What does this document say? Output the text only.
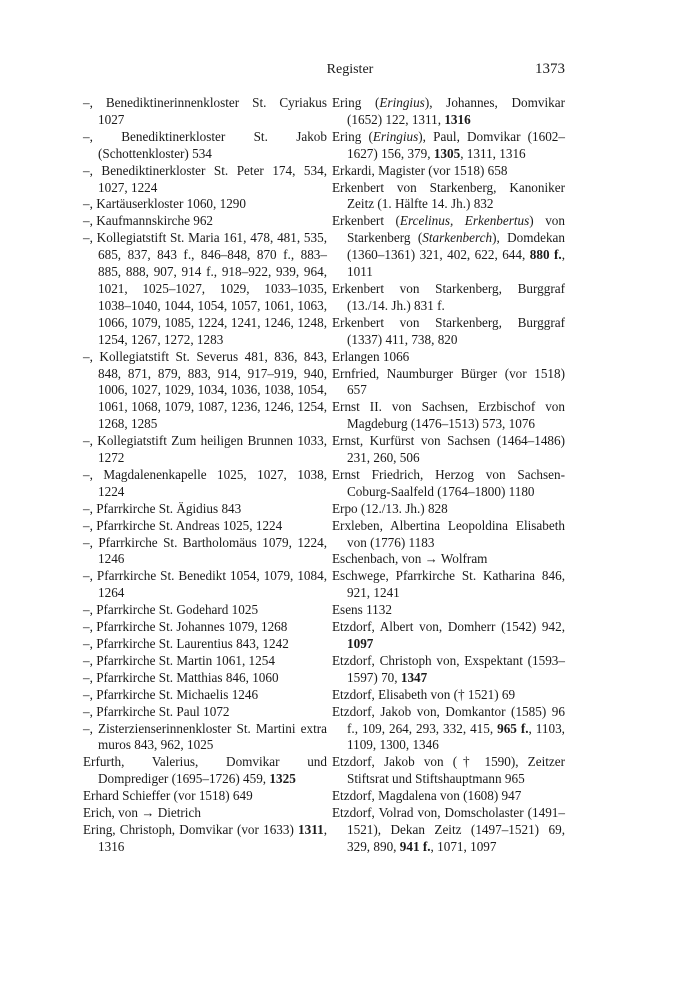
Register	1373

–, Benediktinerinnenkloster St. Cyriakus 1027

–, Benediktinerkloster St. Jakob (Schottenkloster) 534

–, Benediktinerkloster St. Peter 174, 534, 1027, 1224

–, Kartäuserkloster 1060, 1290

–, Kaufmannskirche 962

–, Kollegiatstift St. Maria 161, 478, 481, 535, 685, 837, 843 f., 846–848, 870 f., 883–885, 888, 907, 914 f., 918–922, 939, 964, 1021, 1025–1027, 1029, 1033–1035, 1038–1040, 1044, 1054, 1057, 1061, 1063, 1066, 1079, 1085, 1224, 1241, 1246, 1248, 1254, 1267, 1272, 1283

–, Kollegiatstift St. Severus 481, 836, 843, 848, 871, 879, 883, 914, 917–919, 940, 1006, 1027, 1029, 1034, 1036, 1038, 1054, 1061, 1068, 1079, 1087, 1236, 1246, 1254, 1268, 1285

–, Kollegiatstift Zum heiligen Brunnen 1033, 1272

–, Magdalenenkapelle 1025, 1027, 1038, 1224

–, Pfarrkirche St. Ägidius 843

–, Pfarrkirche St. Andreas 1025, 1224

–, Pfarrkirche St. Bartholomäus 1079, 1224, 1246

–, Pfarrkirche St. Benedikt 1054, 1079, 1084, 1264

–, Pfarrkirche St. Godehard 1025

–, Pfarrkirche St. Johannes 1079, 1268

–, Pfarrkirche St. Laurentius 843, 1242

–, Pfarrkirche St. Martin 1061, 1254

–, Pfarrkirche St. Matthias 846, 1060

–, Pfarrkirche St. Michaelis 1246

–, Pfarrkirche St. Paul 1072

–, Zisterzienserinnenkloster St. Martini extra muros 843, 962, 1025

Erfurth, Valerius, Domvikar und Domprediger (1695–1726) 459, 1325

Erhard Schieffer (vor 1518) 649

Erich, von → Dietrich

Ering, Christoph, Domvikar (vor 1633) 1311, 1316

Ering (Eringius), Johannes, Domvikar (1652) 122, 1311, 1316

Ering (Eringius), Paul, Domvikar (1602–1627) 156, 379, 1305, 1311, 1316

Erkardi, Magister (vor 1518) 658

Erkenbert von Starkenberg, Kanoniker Zeitz (1. Hälfte 14. Jh.) 832

Erkenbert (Ercelinus, Erkenbertus) von Starkenberg (Starkenberch), Domdekan (1360–1361) 321, 402, 622, 644, 880 f., 1011

Erkenbert von Starkenberg, Burggraf (13./14. Jh.) 831 f.

Erkenbert von Starkenberg, Burggraf (1337) 411, 738, 820

Erlangen 1066

Ernfried, Naumburger Bürger (vor 1518) 657

Ernst II. von Sachsen, Erzbischof von Magdeburg (1476–1513) 573, 1076

Ernst, Kurfürst von Sachsen (1464–1486) 231, 260, 506

Ernst Friedrich, Herzog von Sachsen-Coburg-Saalfeld (1764–1800) 1180

Erpo (12./13. Jh.) 828

Erxleben, Albertina Leopoldina Elisabeth von (1776) 1183

Eschenbach, von → Wolfram

Eschwege, Pfarrkirche St. Katharina 846, 921, 1241

Esens 1132

Etzdorf, Albert von, Domherr (1542) 942, 1097

Etzdorf, Christoph von, Exspektant (1593–1597) 70, 1347

Etzdorf, Elisabeth von († 1521) 69

Etzdorf, Jakob von, Domkantor (1585) 96 f., 109, 264, 293, 332, 415, 965 f., 1103, 1109, 1300, 1346

Etzdorf, Jakob von († 1590), Zeitzer Stiftsrat und Stiftshauptmann 965

Etzdorf, Magdalena von (1608) 947

Etzdorf, Volrad von, Domscholaster (1491–1521), Dekan Zeitz (1497–1521) 69, 329, 890, 941 f., 1071, 1097
